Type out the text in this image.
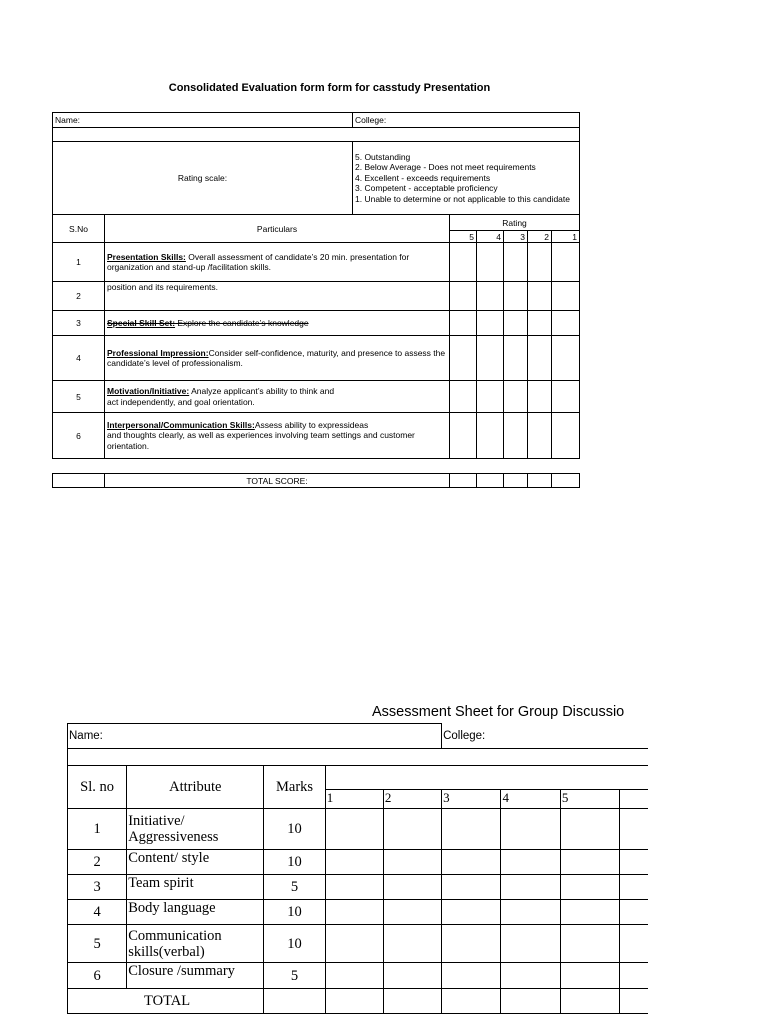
Consolidated Evaluation form form for casstudy Presentation
Name:		College:					

Rating scale:		5. Outstanding
2. Below Average - Does not meet requirements
4. Excellent - exceeds requirements
3. Competent - acceptable proficiency
1. Unable to determine or not applicable to this candidate					

S.No	Particulars		Rating				
			5	4	3	2	1
1	Presentation Skills: Overall assessment of candidate’s 20 min. presentation for organization and stand-up /facilitation skills.						

2	position and its requirements.						

3	Special Skill Set: Explore the candidate’s knowledge						

4	Professional Impression:Consider self-confidence, maturity, and presence to assess the candidate’s level of professionalism.						

5	Motivation/Initiative: Analyze applicant’s ability to think and
act independently, and goal orientation.						

6	Interpersonal/Communication Skills:Assess ability to expressideas
and thoughts clearly, as well as experiences involving team settings and customer orientation.						

	TOTAL SCORE:					
Assessment Sheet for Group Discussio
Name:					College:			

Sl. no	Attribute	Marks						
			1	2	3	4	5	
1	Initiative/ Aggressiveness	10						
2	Content/ style	10						
3	Team spirit	5						
4	Body language	10						
5	Communication skills(verbal)	10						
6	Closure /summary	5						
TOTAL								
